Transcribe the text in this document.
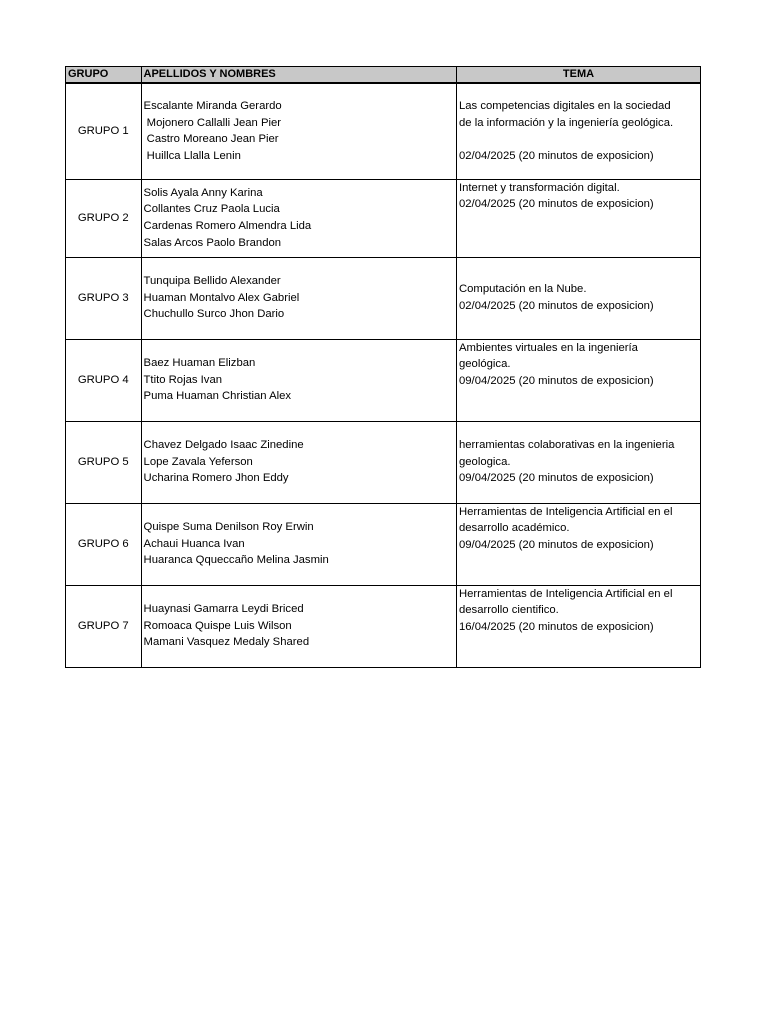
GRUPO	APELLIDOS Y NOMBRES	TEMA
GRUPO 1	Escalante Miranda Gerardo
Mojonero Callalli Jean Pier
Castro Moreano Jean Pier
Huillca Llalla Lenin	Las competencias digitales en la sociedad
de la información y la ingeniería geológica.
02/04/2025 (20 minutos de exposicion)

GRUPO 2	Solis Ayala Anny Karina
Collantes Cruz Paola Lucia
Cardenas Romero Almendra Lida
Salas Arcos Paolo Brandon	Internet y transformación digital.
02/04/2025 (20 minutos de exposicion)

GRUPO 3	Tunquipa Bellido Alexander
Huaman Montalvo Alex Gabriel
Chuchullo Surco Jhon Dario	Computación en la Nube.
02/04/2025 (20 minutos de exposicion)

GRUPO 4	Baez Huaman Elizban
Ttito Rojas Ivan
Puma Huaman Christian Alex	Ambientes virtuales en la ingeniería
geológica.
09/04/2025 (20 minutos de exposicion)

GRUPO 5	Chavez Delgado Isaac Zinedine
Lope Zavala Yeferson
Ucharina Romero Jhon Eddy	herramientas colaborativas en la ingenieria
geologica.
09/04/2025 (20 minutos de exposicion)

GRUPO 6	Quispe Suma Denilson Roy Erwin
Achaui Huanca Ivan
Huaranca Qqueccaño Melina Jasmin	Herramientas de Inteligencia Artificial en el
desarrollo académico.
09/04/2025 (20 minutos de exposicion)

GRUPO 7	Huaynasi Gamarra Leydi Briced
Romoaca Quispe Luis Wilson
Mamani Vasquez Medaly Shared	Herramientas de Inteligencia Artificial en el
desarrollo cientifico.
16/04/2025 (20 minutos de exposicion)
